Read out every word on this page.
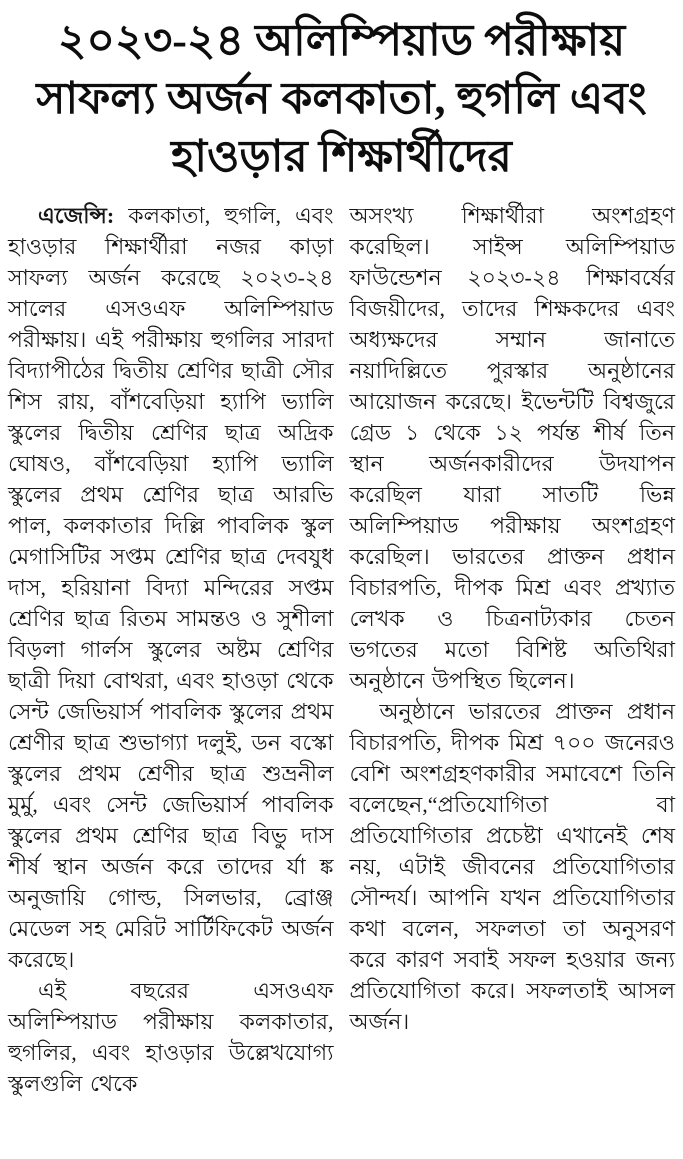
২০২৩-২৪ অলিম্পিয়াড পরীক্ষায়
সাফল্য অর্জন কলকাতা, হুগলি এবং
হাওড়ার শিক্ষার্থীদের

এজেন্সি: কলকাতা, হুগলি, এবং হাওড়ার শিক্ষার্থীরা নজর কাড়া সাফল্য অর্জন করেছে ২০২৩-২৪ সালের এসওএফ অলিম্পিয়াড পরীক্ষায়। এই পরীক্ষায় হুগলির সারদা বিদ্যাপীঠের দ্বিতীয় শ্রেণির ছাত্রী সৌর শিস রায়, বাঁশবেড়িয়া হ্যাপি ভ্যালি স্কুলের দ্বিতীয় শ্রেণির ছাত্র অদ্রিক ঘোষও, বাঁশবেড়িয়া হ্যাপি ভ্যালি স্কুলের প্রথম শ্রেণির ছাত্র আরভি পাল, কলকাতার দিল্লি পাবলিক স্কুল মেগাসিটির সপ্তম শ্রেণির ছাত্র দেবযুধ দাস, হরিয়ানা বিদ্যা মন্দিরের সপ্তম শ্রেণির ছাত্র রিতম সামন্তও ও সুশীলা বিড়লা গার্লস স্কুলের অষ্টম শ্রেণির ছাত্রী দিয়া বোথরা, এবং হাওড়া থেকে সেন্ট জেভিয়ার্স পাবলিক স্কুলের প্রথম শ্রেণীর ছাত্র শুভাগ্যা দলুই, ডন বস্কো স্কুলের প্রথম শ্রেণীর ছাত্র শুভ্রনীল মুর্মু, এবং সেন্ট জেভিয়ার্স পাবলিক স্কুলের প্রথম শ্রেণির ছাত্র বিভু দাস শীর্ষ স্থান অর্জন করে তাদের র্যা ঙ্ক অনুজায়ি গোল্ড, সিলভার, ব্রোঞ্জ মেডেল সহ মেরিট সার্টিফিকেট অর্জন করেছে।

এই বছরের এসওএফ অলিম্পিয়াড পরীক্ষায় কলকাতার, হুগলির, এবং হাওড়ার উল্লেখযোগ্য স্কুলগুলি থেকে

অসংখ্য শিক্ষার্থীরা অংশগ্রহণ করেছিল। সাইন্স অলিম্পিয়াড ফাউন্ডেশন ২০২৩-২৪ শিক্ষাবর্ষের বিজয়ীদের, তাদের শিক্ষকদের এবং অধ্যক্ষদের সম্মান জানাতে নয়াদিল্লিতে পুরস্কার অনুষ্ঠানের আয়োজন করেছে। ইভেন্টটি বিশ্বজুরে গ্রেড ১ থেকে ১২ পর্যন্ত শীর্ষ তিন স্থান অর্জনকারীদের উদযাপন করেছিল যারা সাতটি ভিন্ন অলিম্পিয়াড পরীক্ষায় অংশগ্রহণ করেছিল। ভারতের প্রাক্তন প্রধান বিচারপতি, দীপক মিশ্র এবং প্রখ্যাত লেখক ও চিত্রনাট্যকার চেতন ভগতের মতো বিশিষ্ট অতিথিরা অনুষ্ঠানে উপস্থিত ছিলেন।

অনুষ্ঠানে ভারতের প্রাক্তন প্রধান বিচারপতি, দীপক মিশ্র ৭০০ জনেরও বেশি অংশগ্রহণকারীর সমাবেশে তিনি বলেছেন,“প্রতিযোগিতা বা প্রতিযোগিতার প্রচেষ্টা এখানেই শেষ নয়, এটাই জীবনের প্রতিযোগিতার সৌন্দর্য। আপনি যখন প্রতিযোগিতার কথা বলেন, সফলতা তা অনুসরণ করে কারণ সবাই সফল হওয়ার জন্য প্রতিযোগিতা করে। সফলতাই আসল অর্জন।
